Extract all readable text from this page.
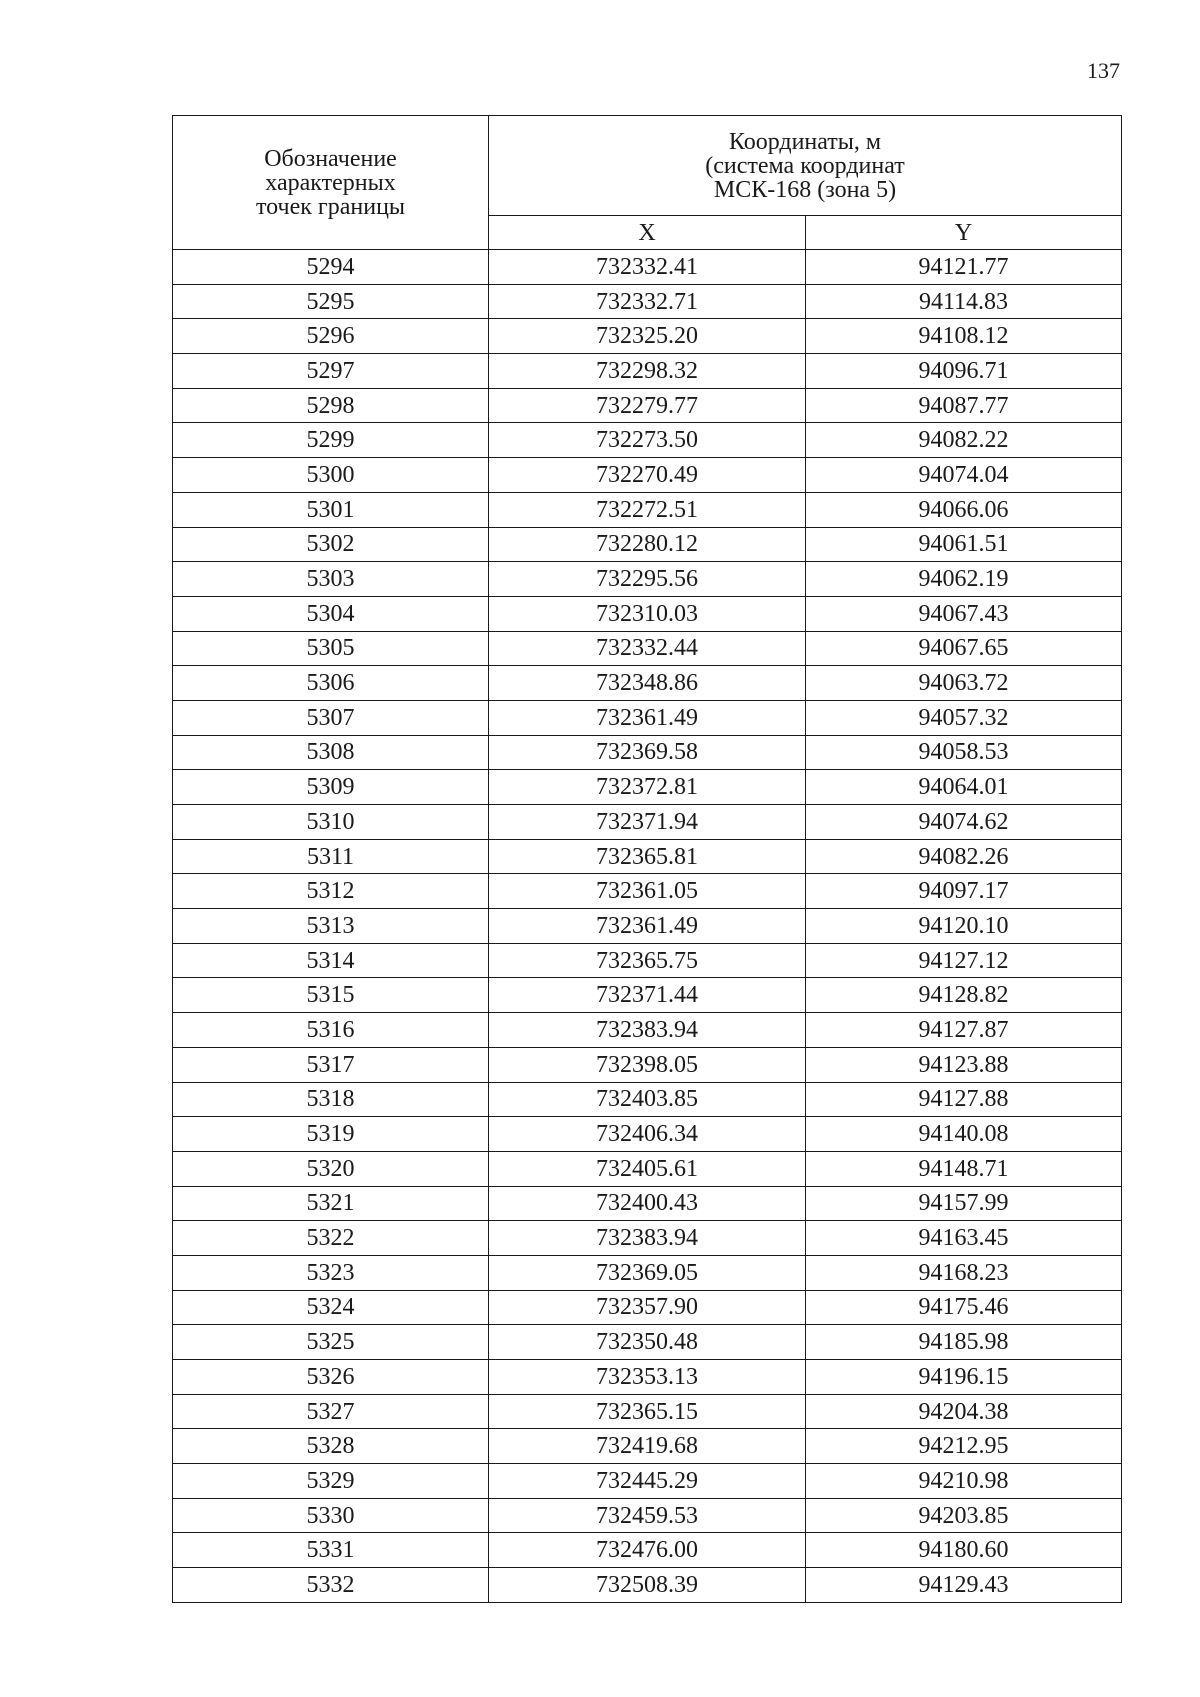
137
Обозначение
характерных
точек границы	Координаты, м
(система координат
МСК-168 (зона 5)	

	X	Y
5294	732332.41	94121.77
5295	732332.71	94114.83
5296	732325.20	94108.12
5297	732298.32	94096.71
5298	732279.77	94087.77
5299	732273.50	94082.22
5300	732270.49	94074.04
5301	732272.51	94066.06
5302	732280.12	94061.51
5303	732295.56	94062.19
5304	732310.03	94067.43
5305	732332.44	94067.65
5306	732348.86	94063.72
5307	732361.49	94057.32
5308	732369.58	94058.53
5309	732372.81	94064.01
5310	732371.94	94074.62
5311	732365.81	94082.26
5312	732361.05	94097.17
5313	732361.49	94120.10
5314	732365.75	94127.12
5315	732371.44	94128.82
5316	732383.94	94127.87
5317	732398.05	94123.88
5318	732403.85	94127.88
5319	732406.34	94140.08
5320	732405.61	94148.71
5321	732400.43	94157.99
5322	732383.94	94163.45
5323	732369.05	94168.23
5324	732357.90	94175.46
5325	732350.48	94185.98
5326	732353.13	94196.15
5327	732365.15	94204.38
5328	732419.68	94212.95
5329	732445.29	94210.98
5330	732459.53	94203.85
5331	732476.00	94180.60
5332	732508.39	94129.43
